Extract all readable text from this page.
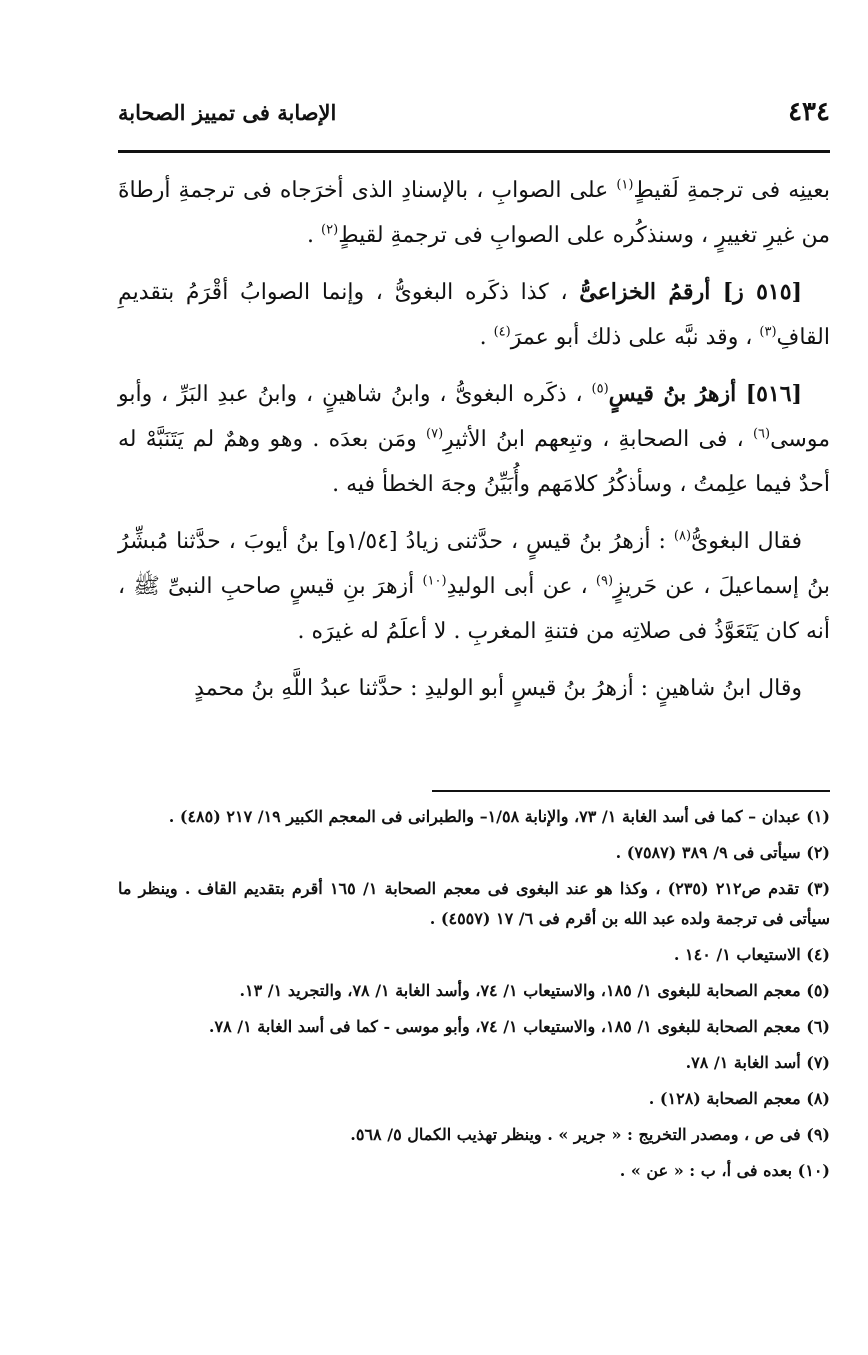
٤٣٤
الإصابة فى تمييز الصحابة

بعينِه فى ترجمةِ لَقيطٍ$^{(١)}$ على الصوابِ ، بالإسنادِ الذى أخرَجاه فى ترجمةِ أرطاةَ من غيرِ تغييرٍ ، وسنذكُره على الصوابِ فى ترجمةِ لقيطٍ$^{(٢)}$ .

[٥١٥ ز] أرقمُ الخزاعىُّ ، كذا ذكَره البغوىُّ ، وإنما الصوابُ أقْرَمُ بتقديمِ القافِ$^{(٣)}$ ، وقد نبَّه على ذلك أبو عمرَ$^{(٤)}$ .

[٥١٦] أزهرُ بنُ قيسٍ$^{(٥)}$ ، ذكَره البغوىُّ ، وابنُ شاهينٍ ، وابنُ عبدِ البَرِّ ، وأبو موسى$^{(٦)}$ ، فى الصحابةِ ، وتبِعهم ابنُ الأثيرِ$^{(٧)}$ ومَن بعدَه . وهو وهمٌ لم يَتَنَبَّهْ له أحدٌ فيما علِمتُ ، وسأذكُرُ كلامَهم وأُبَيِّنُ وجهَ الخطأ فيه .

فقال البغوىُّ$^{(٨)}$ : أزهرُ بنُ قيسٍ ، حدَّثنى زيادُ [١/٥٤و] بنُ أيوبَ ، حدَّثنا مُبشِّرُ بنُ إسماعيلَ ، عن حَريزٍ$^{(٩)}$ ، عن أبى الوليدِ$^{(١٠)}$ أزهرَ بنِ قيسٍ صاحبِ النبىِّ ﷺ ، أنه كان يَتَعَوَّذُ فى صلاتِه من فتنةِ المغربِ . لا أعلَمُ له غيرَه .

وقال ابنُ شاهينٍ : أزهرُ بنُ قيسٍ أبو الوليدِ : حدَّثنا عبدُ اللَّهِ بنُ محمدٍ

(١) عبدان – كما فى أسد الغابة ١/ ٧٣، والإنابة ١/٥٨– والطبرانى فى المعجم الكبير ١٩/ ٢١٧ (٤٨٥) .

(٢) سيأتى فى ٩/ ٣٨٩ (٧٥٨٧) .

(٣) تقدم ص٢١٢ (٢٣٥) ، وكذا هو عند البغوى فى معجم الصحابة ١/ ١٦٥ أقرم بتقديم القاف . وينظر ما سيأتى فى ترجمة ولده عبد الله بن أقرم فى ٦/ ١٧ (٤٥٥٧) .

(٤) الاستيعاب ١/ ١٤٠ .

(٥) معجم الصحابة للبغوى ١/ ١٨٥، والاستيعاب ١/ ٧٤، وأسد الغابة ١/ ٧٨، والتجريد ١/ ١٣.

(٦) معجم الصحابة للبغوى ١/ ١٨٥، والاستيعاب ١/ ٧٤، وأبو موسى - كما فى أسد الغابة ١/ ٧٨.

(٧) أسد الغابة ١/ ٧٨.

(٨) معجم الصحابة (١٢٨) .

(٩) فى ص ، ومصدر التخريج : « جرير » . وينظر تهذيب الكمال ٥/ ٥٦٨.

(١٠) بعده فى أ، ب : « عن » .
